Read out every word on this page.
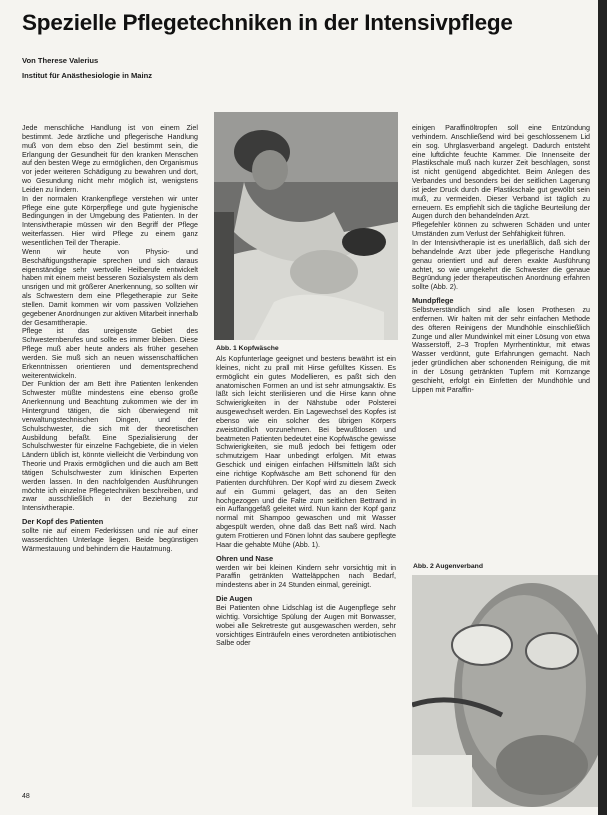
Spezielle Pflegetechniken in der Intensivpflege

Von Therese Valerius

Institut für Anästhesiologie in Mainz

Jede menschliche Handlung ist von einem Ziel bestimmt. Jede ärztliche und pflegerische Handlung muß von dem ebso den Ziel bestimmt sein, die Erlangung der Gesundheit für den kranken Menschen auf den besten Wege zu ermöglichen, den Organismus vor jeder weiteren Schädigung zu bewahren und dort, wo Gesundung nicht mehr möglich ist, wenigstens Leiden zu lindern.

In der normalen Krankenpflege verstehen wir unter Pflege eine gute Körperpflege und gute hygienische Bedingungen in der Umgebung des Patienten. In der Intensivtherapie müssen wir den Begriff der Pflege weiterfassen. Hier wird Pflege zu einem ganz wesentlichen Teil der Therapie.

Wenn wir heute von Physio- und Beschäftigungstherapie sprechen und sich daraus eigenständige sehr wertvolle Heilberufe entwickelt haben mit einem meist besseren Sozialsystem als dem unsrigen und mit größerer Anerkennung, so sollten wir als Schwestern dem eine Pflegetherapie zur Seite stellen. Damit kommen wir vom passiven Vollziehen gegebener Anordnungen zur aktiven Mitarbeit innerhalb der Gesamttherapie.

Pflege ist das ureigenste Gebiet des Schwesternberufes und sollte es immer bleiben. Diese Pflege muß aber heute anders als früher gesehen werden. Sie muß sich an neuen wissenschaftlichen Erkenntnissen orientieren und dementsprechend weiterentwickeln.

Der Funktion der am Bett ihre Patienten lenkenden Schwester müßte mindestens eine ebenso große Anerkennung und Beachtung zukommen wie der im Hintergrund tätigen, die sich überwiegend mit verwaltungstechnischen Dingen, und der Schulschwester, die sich mit der theoretischen Ausbildung befaßt. Eine Spezialisierung der Schulschwester für einzelne Fachgebiete, die in vielen Ländern üblich ist, könnte vielleicht die Verbindung von Theorie und Praxis ermöglichen und die auch am Bett tätigen Schulschwester zum klinischen Experten werden lassen. In den nachfolgenden Ausführungen möchte ich einzelne Pflegetechniken beschreiben, und zwar ausschließlich in der Beziehung zur Intensivtherapie.

Der Kopf des Patienten

sollte nie auf einem Federkissen und nie auf einer wasserdichten Unterlage liegen. Beide begünstigen Wärmestauung und behindern die Hautatmung.

Abb. 1 Kopfwäsche

Als Kopfunterlage geeignet und bestens bewährt ist ein kleines, nicht zu prall mit Hirse gefülltes Kissen. Es ermöglicht ein gutes Modellieren, es paßt sich den anatomischen Formen an und ist sehr atmungsaktiv. Es läßt sich leicht sterilisieren und die Hirse kann ohne Schwierigkeiten in der Nähstube oder Polsterei ausgewechselt werden. Ein Lagewechsel des Kopfes ist ebenso wie ein solcher des übrigen Körpers zweistündlich vorzunehmen. Bei bewußtlosen und beatmeten Patienten bedeutet eine Kopfwäsche gewisse Schwierigkeiten, sie muß jedoch bei fettigem oder schmutzigem Haar unbedingt erfolgen. Mit etwas Geschick und einigen einfachen Hilfsmitteln läßt sich eine richtige Kopfwäsche am Bett schonend für den Patienten durchführen. Der Kopf wird zu diesem Zweck auf ein Gummi gelagert, das an den Seiten hochgezogen und die Falte zum seitlichen Bettrand in ein Auffanggefäß geleitet wird. Nun kann der Kopf ganz normal mit Shampoo gewaschen und mit Wasser abgespült werden, ohne daß das Bett naß wird. Nach gutem Frottieren und Fönen lohnt das saubere gepflegte Haar die gehabte Mühe (Abb. 1).

Ohren und Nase

werden wir bei kleinen Kindern sehr vorsichtig mit in Paraffin getränkten Watteläppchen nach Bedarf, mindestens aber in 24 Stunden einmal, gereinigt.

Die Augen

Bei Patienten ohne Lidschlag ist die Augenpflege sehr wichtig. Vorsichtige Spülung der Augen mit Borwasser, wobei alle Sekretreste gut ausgewaschen werden, sehr vorsichtiges Einträufeln eines verordneten antibiotischen Salbe oder

einigen Paraffinöltropfen soll eine Entzündung verhindern. Anschließend wird bei geschlossenem Lid ein sog. Uhrglasverband angelegt. Dadurch entsteht eine luftdichte feuchte Kammer. Die Innenseite der Plastikschale muß nach kurzer Zeit beschlagen, sonst ist nicht genügend abgedichtet. Beim Anlegen des Verbandes und besonders bei der seitlichen Lagerung ist jeder Druck durch die Plastikschale gut gewölbt sein muß, zu vermeiden. Dieser Verband ist täglich zu erneuern. Es empfiehlt sich die tägliche Beurteilung der Augen durch den behandelnden Arzt.

Pflegefehler können zu schweren Schäden und unter Umständen zum Verlust der Sehfähigkeit führen.

In der Intensivtherapie ist es unerläßlich, daß sich der behandelnde Arzt über jede pflegerische Handlung genau orientiert und auf deren exakte Ausführung achtet, so wie umgekehrt die Schwester die genaue Begründung jeder therapeutischen Anordnung erfahren sollte (Abb. 2).

Mundpflege

Selbstverständlich sind alle losen Prothesen zu entfernen. Wir halten mit der sehr einfachen Methode des öfteren Reinigens der Mundhöhle einschließlich Zunge und aller Mundwinkel mit einer Lösung von etwa Wasserstoff, 2–3 Tropfen Myrrhentinktur, mit etwas Wasser verdünnt, gute Erfahrungen gemacht. Nach jeder gründlichen aber schonenden Reinigung, die mit in der Lösung getränkten Tupfern mit Kornzange geschieht, erfolgt ein Einfetten der Mundhöhle und Lippen mit Paraffin-

Abb. 2 Augenverband
48
